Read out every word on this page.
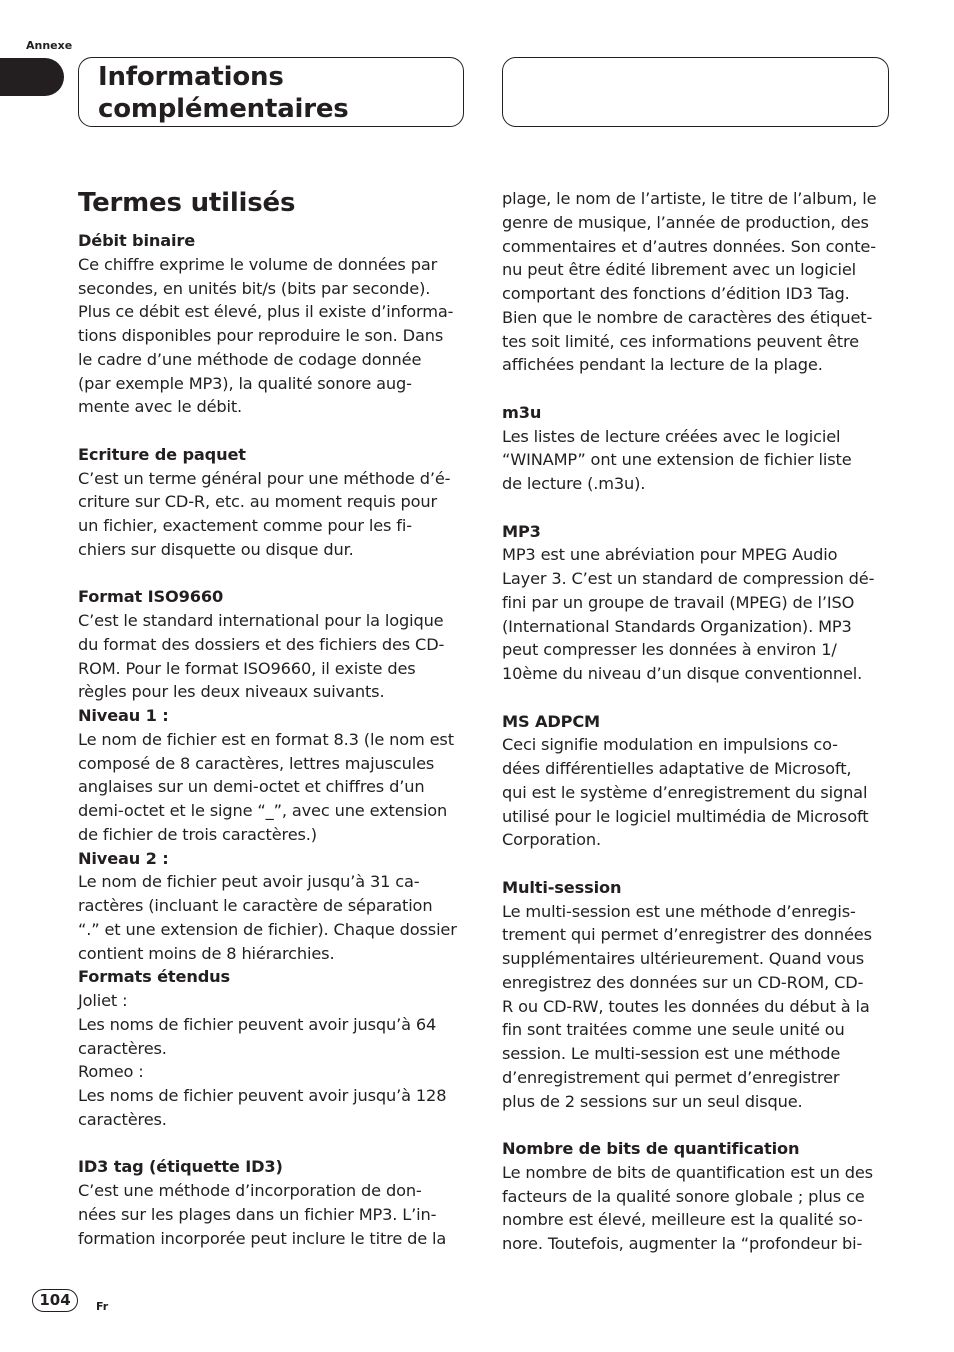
Annexe
Informations
complémentaires
Termes utilisés
Débit binaire
Ce chiffre exprime le volume de données par
secondes, en unités bit/s (bits par seconde).
Plus ce débit est élevé, plus il existe d’informa-
tions disponibles pour reproduire le son. Dans
le cadre d’une méthode de codage donnée
(par exemple MP3), la qualité sonore aug-
mente avec le débit.
Ecriture de paquet
C’est un terme général pour une méthode d’é-
criture sur CD-R, etc. au moment requis pour
un fichier, exactement comme pour les fi-
chiers sur disquette ou disque dur.
Format ISO9660
C’est le standard international pour la logique
du format des dossiers et des fichiers des CD-
ROM. Pour le format ISO9660, il existe des
règles pour les deux niveaux suivants.
Niveau 1 :
Le nom de fichier est en format 8.3 (le nom est
composé de 8 caractères, lettres majuscules
anglaises sur un demi-octet et chiffres d’un
demi-octet et le signe “_”, avec une extension
de fichier de trois caractères.)
Niveau 2 :
Le nom de fichier peut avoir jusqu’à 31 ca-
ractères (incluant le caractère de séparation
“.” et une extension de fichier). Chaque dossier
contient moins de 8 hiérarchies.
Formats étendus
Joliet :
Les noms de fichier peuvent avoir jusqu’à 64
caractères.
Romeo :
Les noms de fichier peuvent avoir jusqu’à 128
caractères.
ID3 tag (étiquette ID3)
C’est une méthode d’incorporation de don-
nées sur les plages dans un fichier MP3. L’in-
formation incorporée peut inclure le titre de la
plage, le nom de l’artiste, le titre de l’album, le
genre de musique, l’année de production, des
commentaires et d’autres données. Son conte-
nu peut être édité librement avec un logiciel
comportant des fonctions d’édition ID3 Tag.
Bien que le nombre de caractères des étiquet-
tes soit limité, ces informations peuvent être
affichées pendant la lecture de la plage.
m3u
Les listes de lecture créées avec le logiciel
“WINAMP” ont une extension de fichier liste
de lecture (.m3u).
MP3
MP3 est une abréviation pour MPEG Audio
Layer 3. C’est un standard de compression dé-
fini par un groupe de travail (MPEG) de l’ISO
(International Standards Organization). MP3
peut compresser les données à environ 1/
10ème du niveau d’un disque conventionnel.
MS ADPCM
Ceci signifie modulation en impulsions co-
dées différentielles adaptative de Microsoft,
qui est le système d’enregistrement du signal
utilisé pour le logiciel multimédia de Microsoft
Corporation.
Multi-session
Le multi-session est une méthode d’enregis-
trement qui permet d’enregistrer des données
supplémentaires ultérieurement. Quand vous
enregistrez des données sur un CD-ROM, CD-
R ou CD-RW, toutes les données du début à la
fin sont traitées comme une seule unité ou
session. Le multi-session est une méthode
d’enregistrement qui permet d’enregistrer
plus de 2 sessions sur un seul disque.
Nombre de bits de quantification
Le nombre de bits de quantification est un des
facteurs de la qualité sonore globale ; plus ce
nombre est élevé, meilleure est la qualité so-
nore. Toutefois, augmenter la “profondeur bi-
104	Fr
